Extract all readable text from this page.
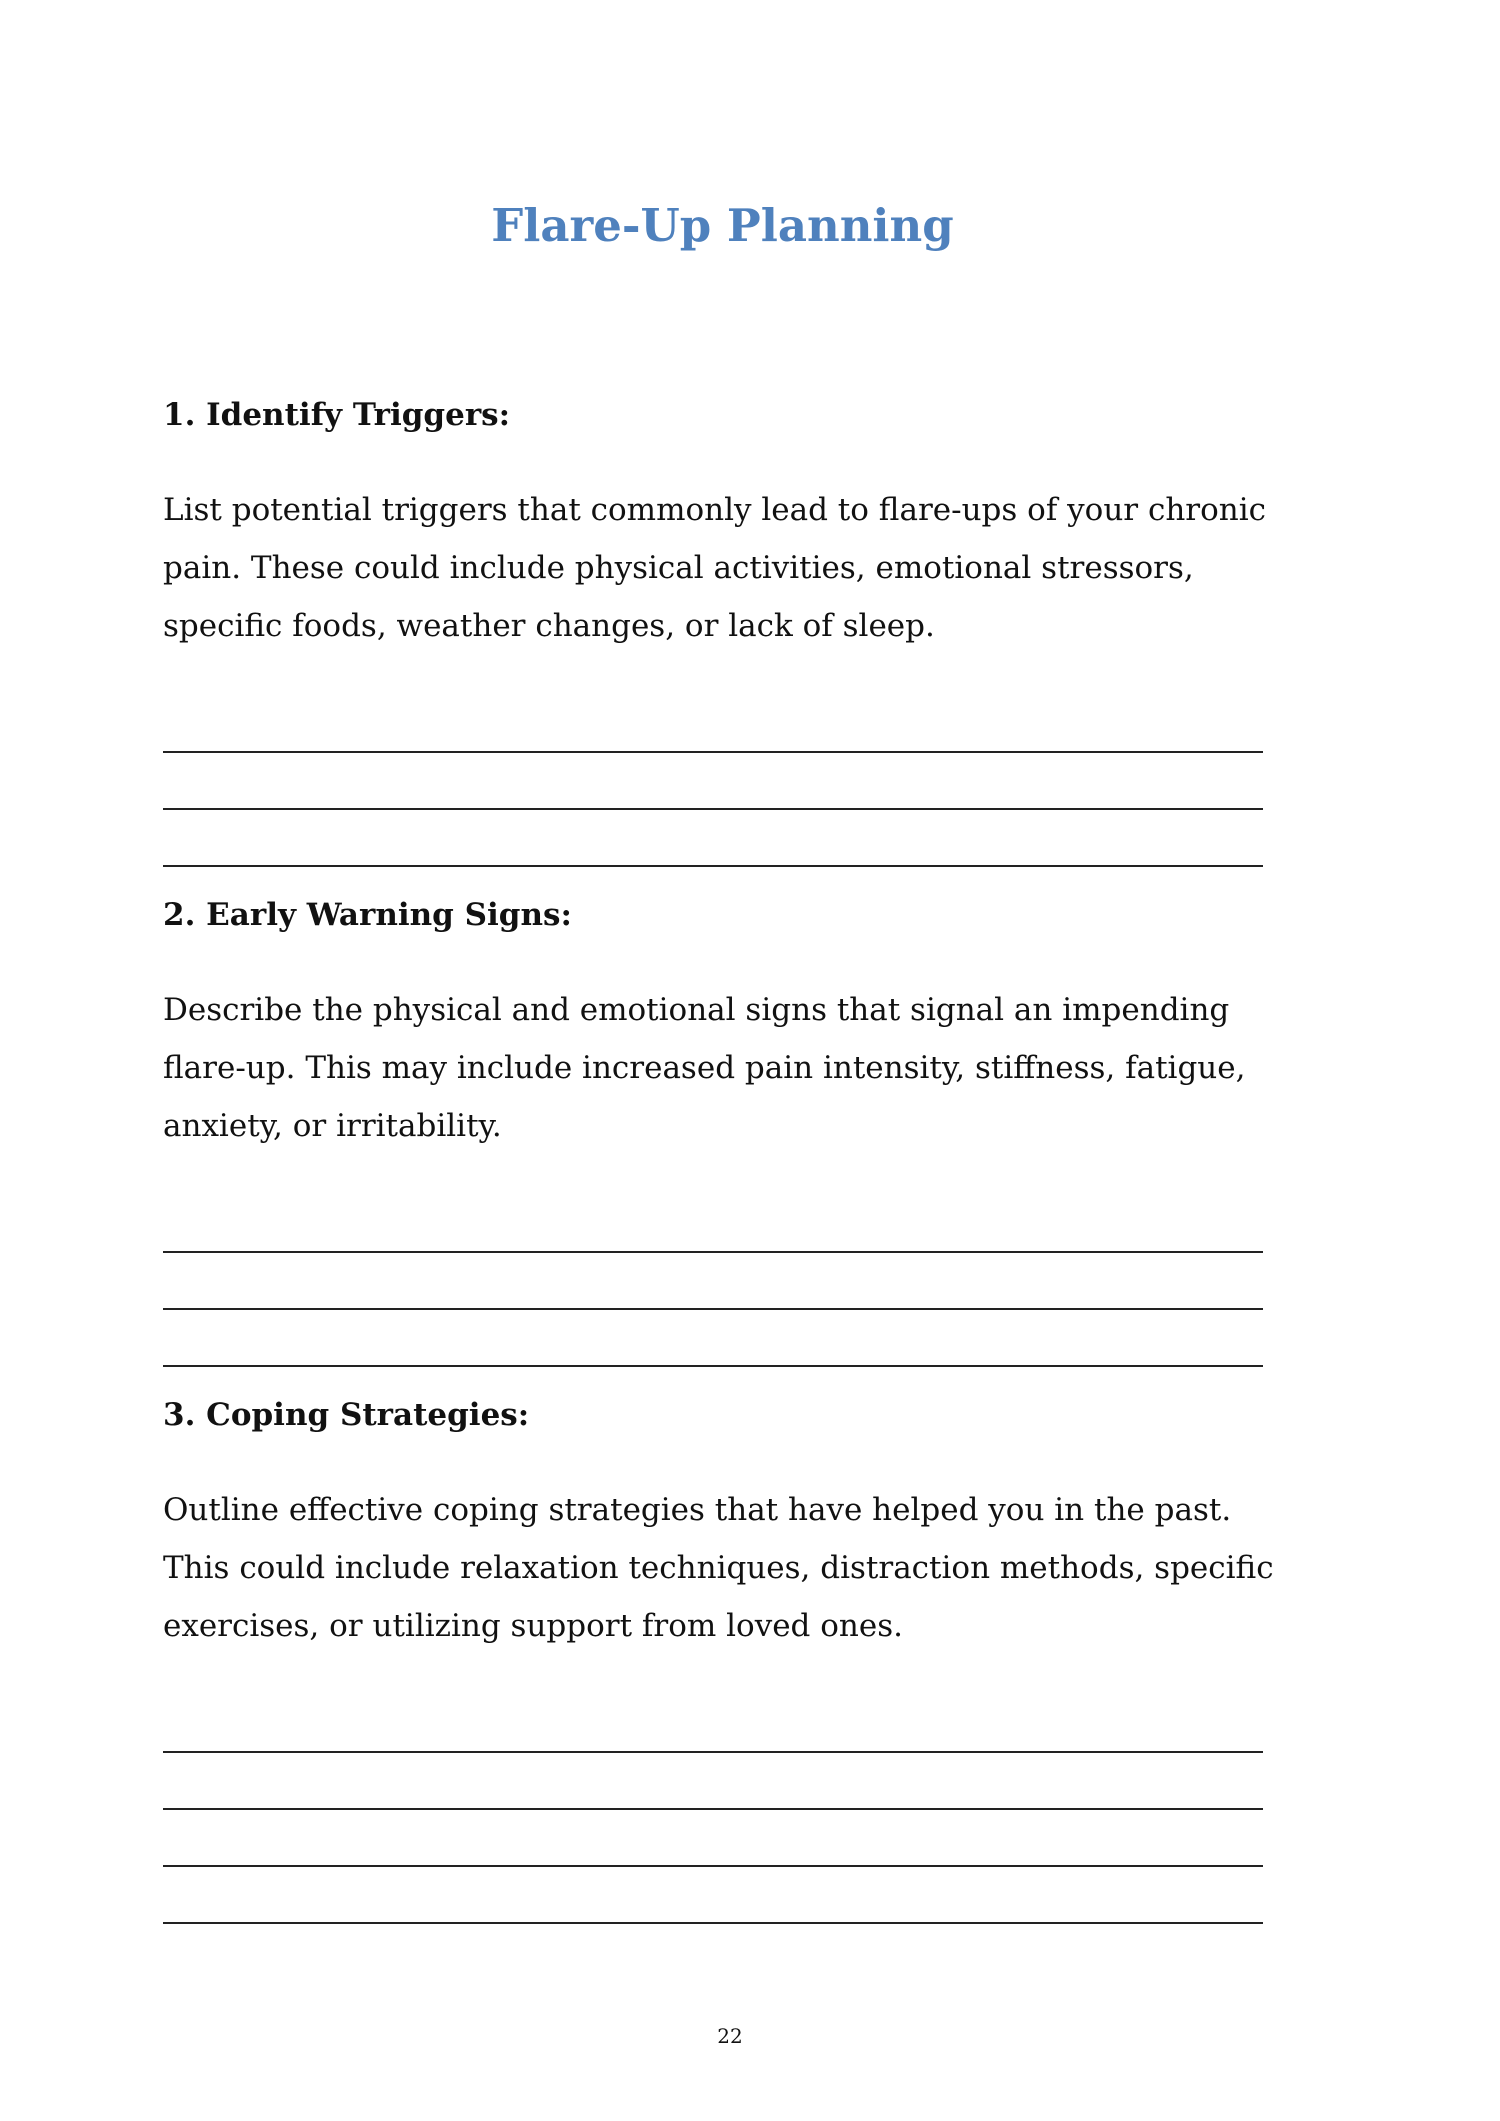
Flare-Up Planning
1. Identify Triggers:

List potential triggers that commonly lead to flare-ups of your chronic pain. These could include physical activities, emotional stressors, specific foods, weather changes, or lack of sleep.

2. Early Warning Signs:

Describe the physical and emotional signs that signal an impending flare-up. This may include increased pain intensity, stiffness, fatigue, anxiety, or irritability.

3. Coping Strategies:

Outline effective coping strategies that have helped you in the past. This could include relaxation techniques, distraction methods, specific exercises, or utilizing support from loved ones.

22
